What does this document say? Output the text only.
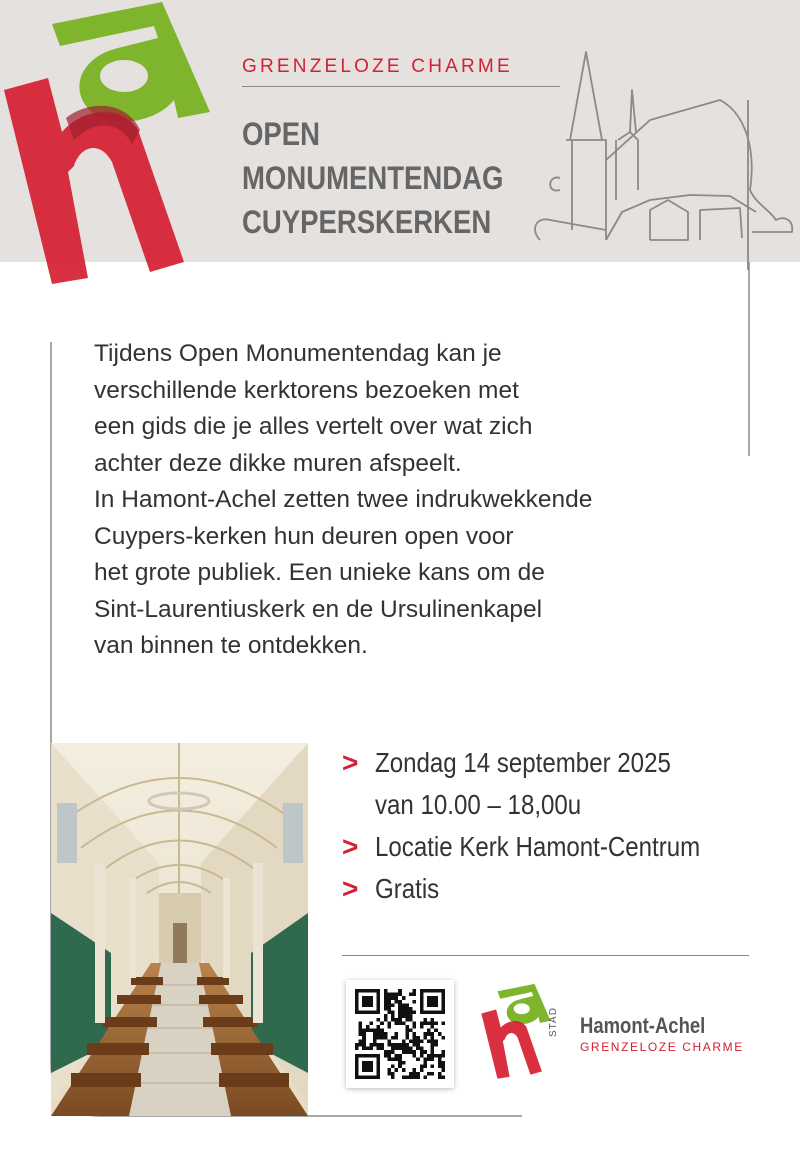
GRENZELOZE CHARME
OPEN
MONUMENTENDAG
CUYPERSKERKEN

Tijdens Open Monumentendag kan je

verschillende kerktorens bezoeken met

een gids die je alles vertelt over wat zich

achter deze dikke muren afspeelt.

In Hamont-Achel zetten twee indrukwekkende

Cuypers-kerken hun deuren open voor

het grote publiek. Een unieke kans om de

Sint-Laurentiuskerk en de Ursulinenkapel

van binnen te ontdekken.

> Zondag 14 september 2025
van 10.00 – 18,00u
> Locatie Kerk Hamont-Centrum
> Gratis
STAD Hamont-Achel
GRENZELOZE CHARME
